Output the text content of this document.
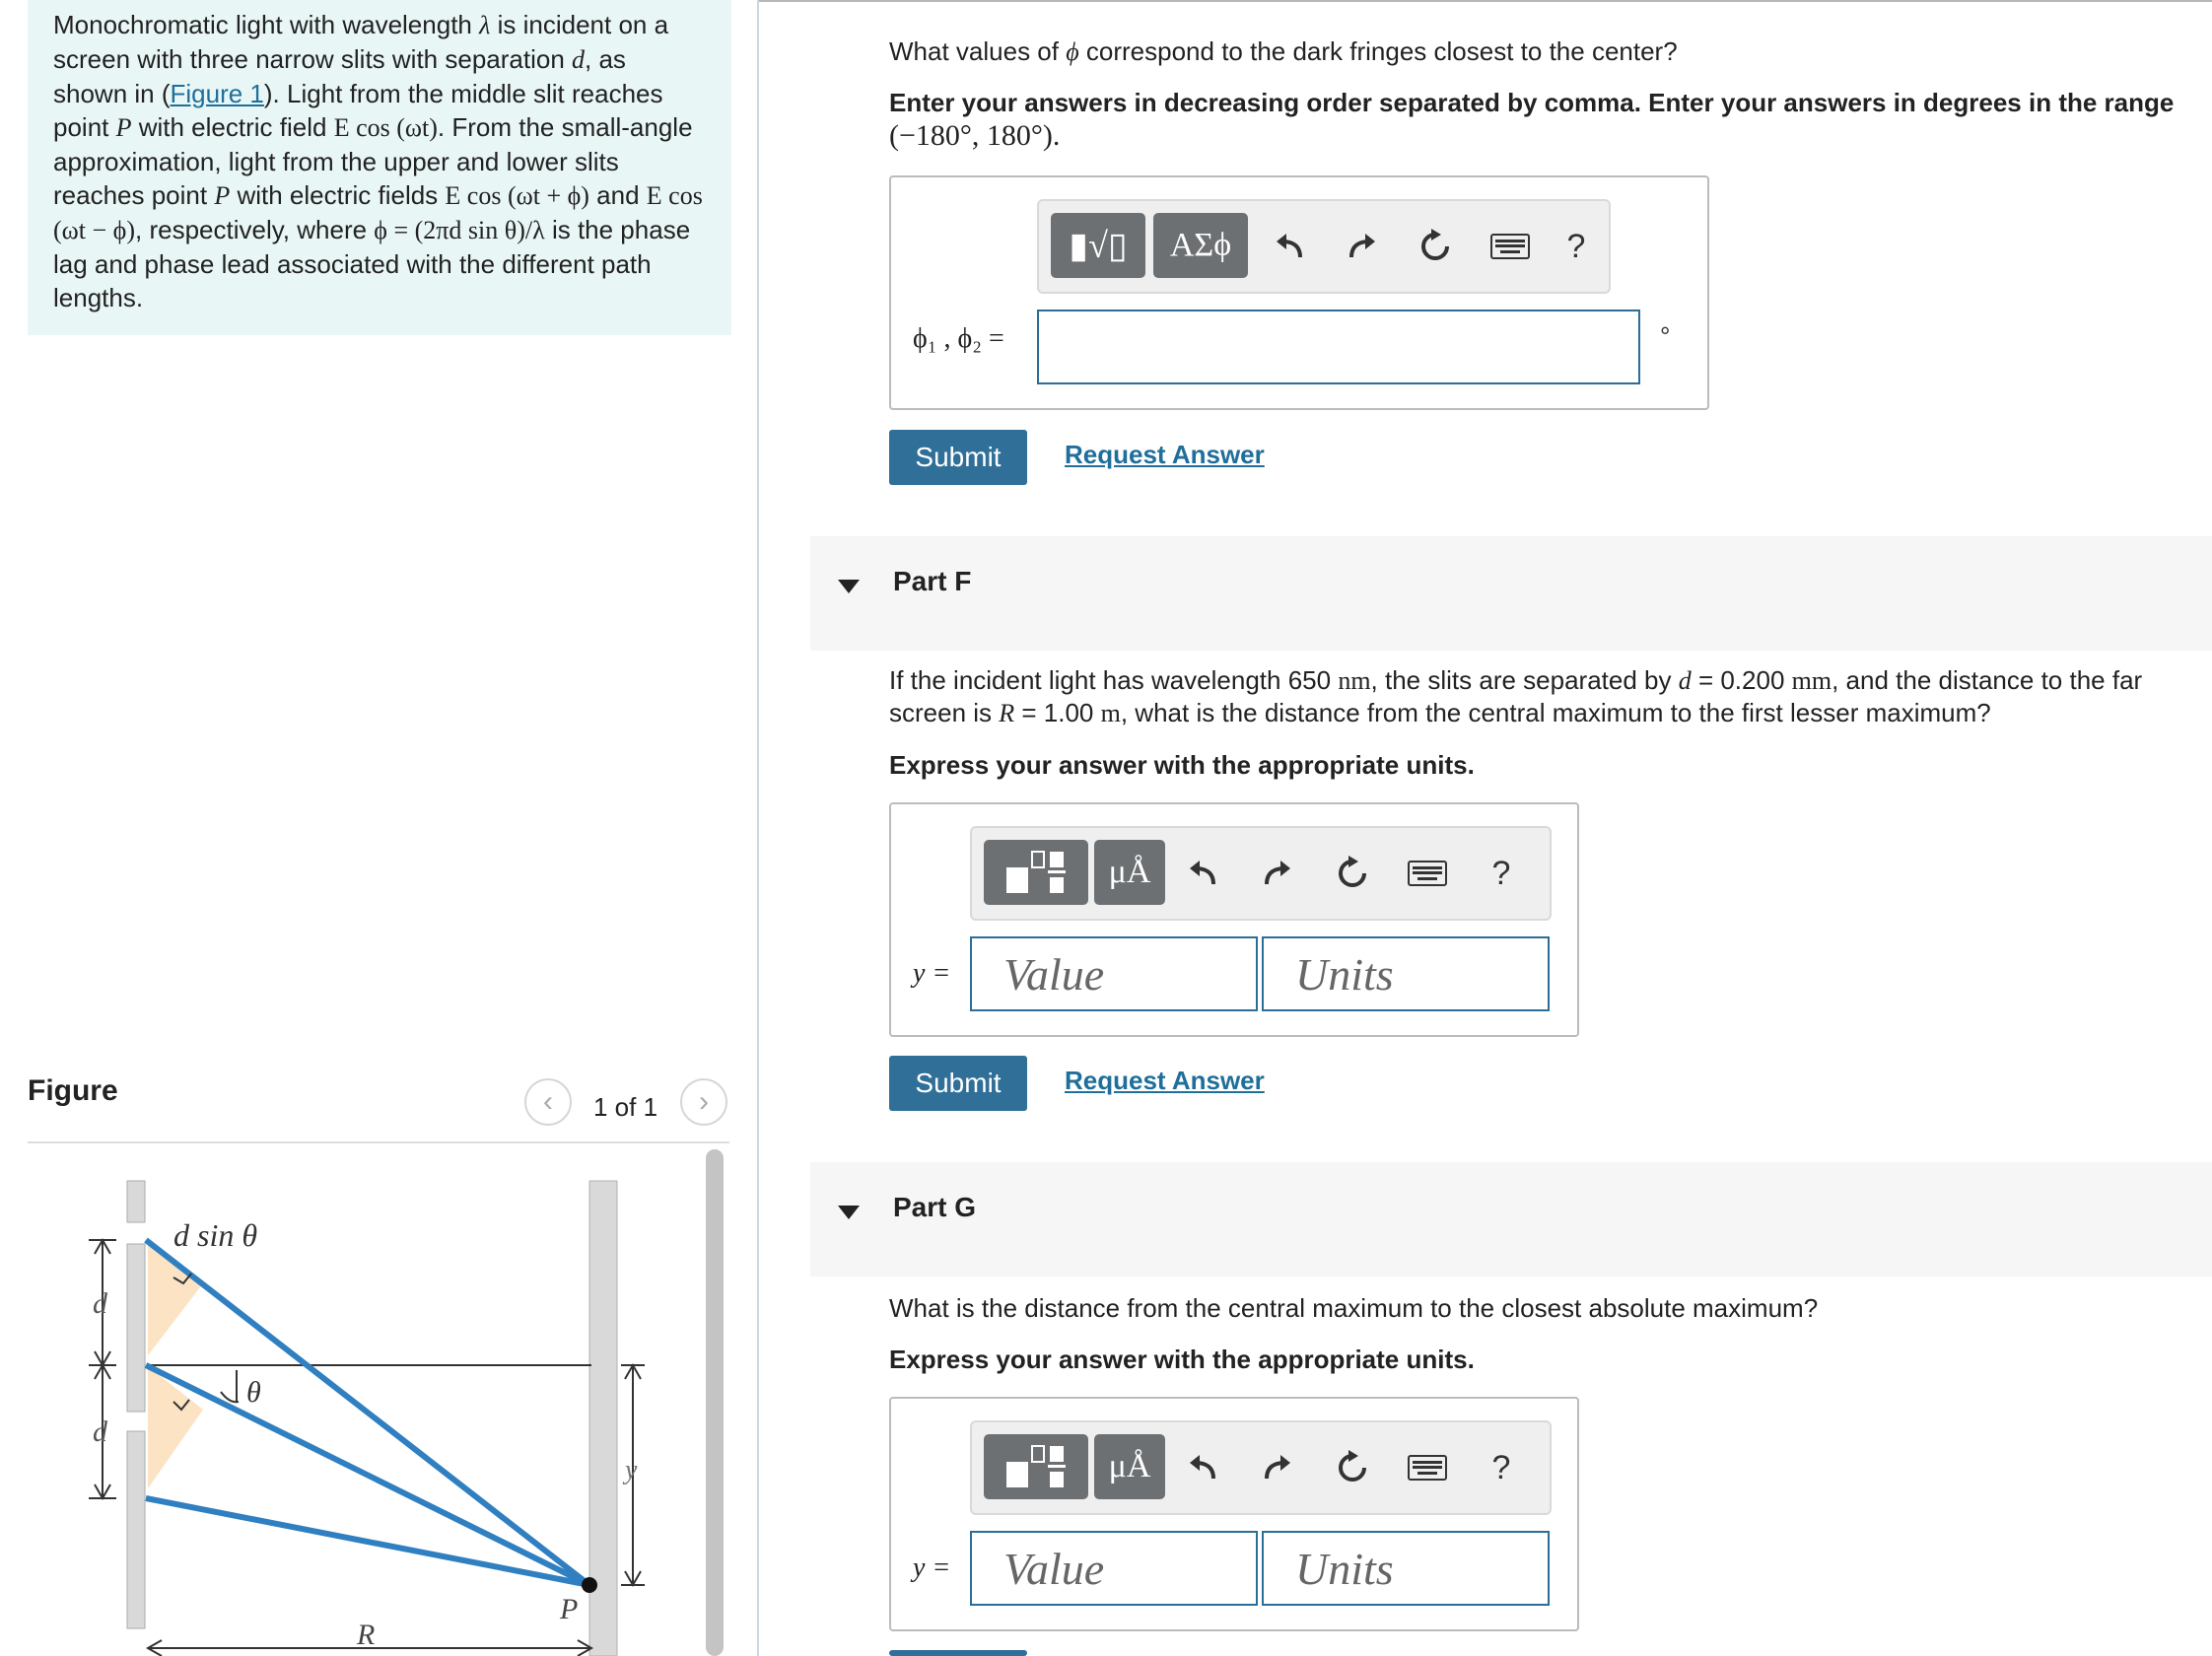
Monochromatic light with wavelength λ is incident on a screen with three narrow slits with separation d, as shown in (Figure 1). Light from the middle slit reaches point P with electric field E cos (ωt). From the small-angle approximation, light from the upper and lower slits reaches point P with electric fields E cos (ωt + ϕ) and E cos (ωt − ϕ), respectively, where ϕ = (2πd sin θ)/λ is the phase lag and phase lead associated with the different path lengths.

Figure	‹ 1 of 1 ›
d sin θ
θ
d
d
y
P
R
What values of ϕ correspond to the dark fringes closest to the center?
Enter your answers in decreasing order separated by comma. Enter your answers in degrees in the range
(−180°, 180°).
▮√▯ ΑΣϕ	?
ϕ₁ , ϕ₂ =	°
Submit	Request Answer
Part F
If the incident light has wavelength 650 nm, the slits are separated by d = 0.200 mm, and the distance to the far screen is R = 1.00 m, what is the distance from the central maximum to the first lesser maximum?
Express your answer with the appropriate units.
μÅ	?
y =	Value	Units
Submit	Request Answer
Part G
What is the distance from the central maximum to the closest absolute maximum?
Express your answer with the appropriate units.
μÅ	?
y =	Value	Units
